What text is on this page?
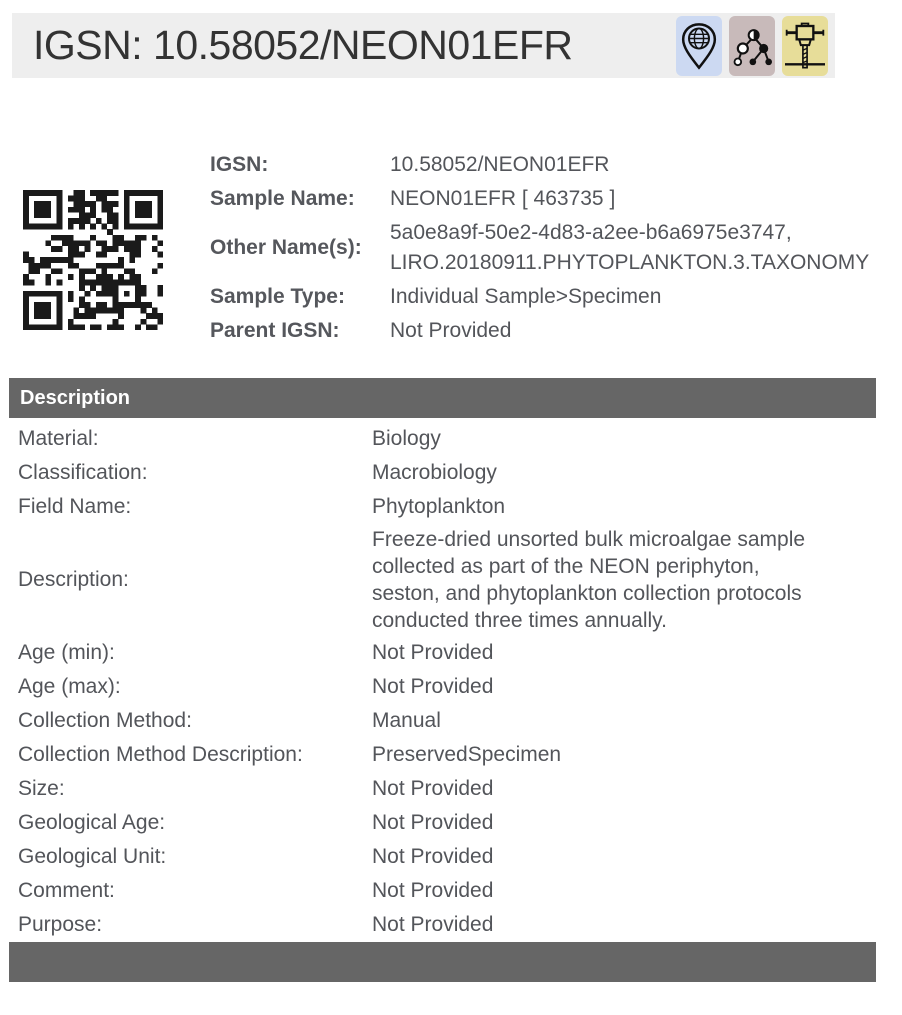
IGSN: 10.58052/NEON01EFR
IGSN:	10.58052/NEON01EFR
Sample Name:	NEON01EFR [ 463735 ]
Other Name(s):
5a0e8a9f-50e2-4d83-a2ee-b6a6975e3747, LIRO.20180911.PHYTOPLANKTON.3.TAXONOMY
Sample Type:	Individual Sample>Specimen
Parent IGSN:	Not Provided
Description
Material:	Biology
Classification:	Macrobiology
Field Name:	Phytoplankton
Description:
Freeze-dried unsorted bulk microalgae sample collected as part of the NEON periphyton, seston, and phytoplankton collection protocols conducted three times annually.
Age (min):	Not Provided
Age (max):	Not Provided
Collection Method:	Manual
Collection Method Description:	PreservedSpecimen
Size:	Not Provided
Geological Age:	Not Provided
Geological Unit:	Not Provided
Comment:	Not Provided
Purpose:	Not Provided
